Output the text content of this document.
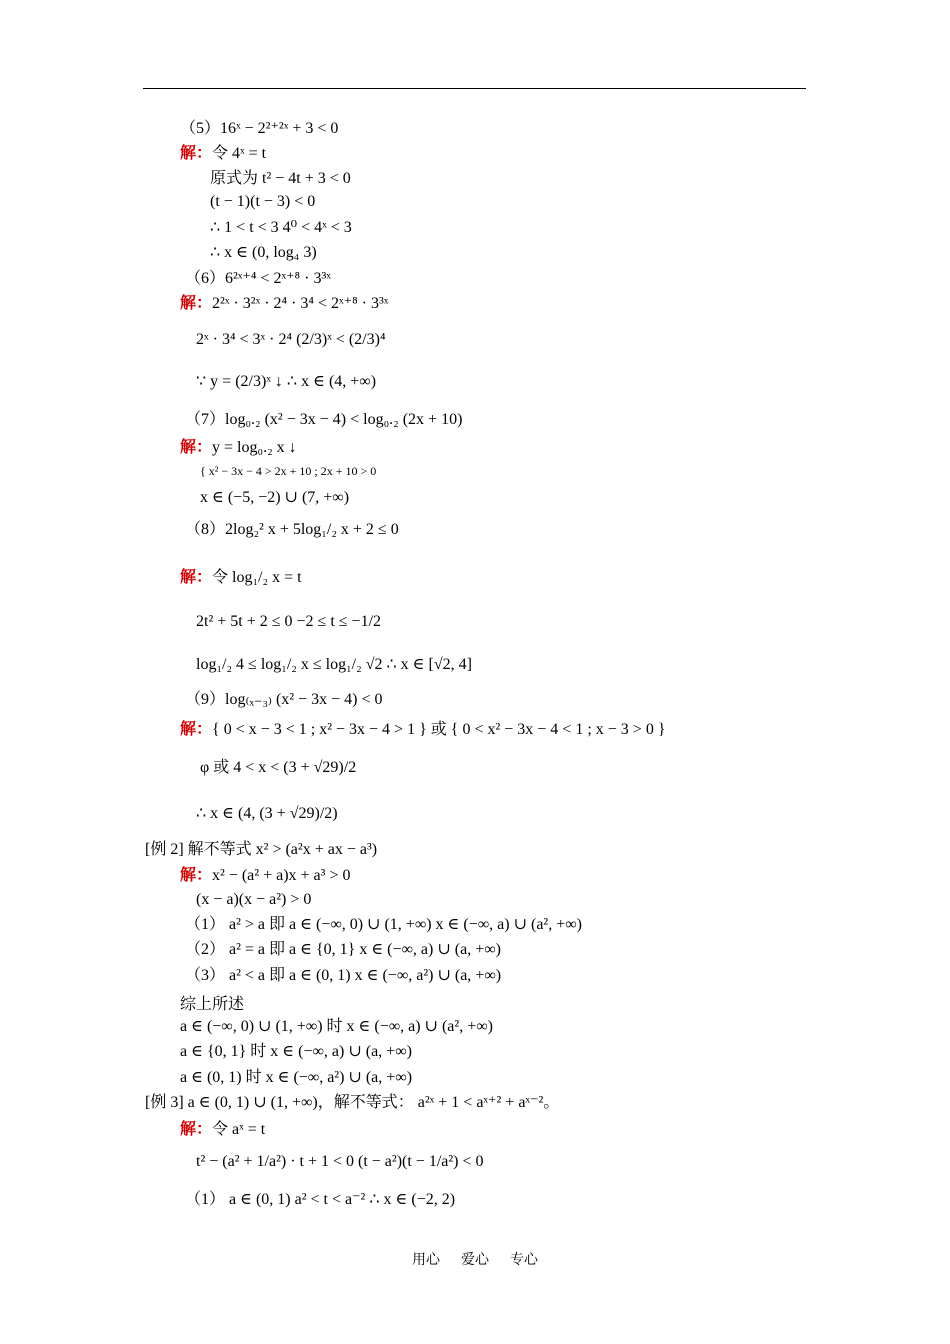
（5）16ˣ − 2²⁺²ˣ + 3 < 0
解：令 4ˣ = t
原式为 t² − 4t + 3 < 0
(t − 1)(t − 3) < 0
∴ 1 < t < 3 4⁰ < 4ˣ < 3
∴ x ∈ (0, log₄ 3)
（6）6²ˣ⁺⁴ < 2ˣ⁺⁸ · 3³ˣ
解：2²ˣ · 3²ˣ · 2⁴ · 3⁴ < 2ˣ⁺⁸ · 3³ˣ
2ˣ · 3⁴ < 3ˣ · 2⁴ (2/3)ˣ < (2/3)⁴
∵ y = (2/3)ˣ ↓ ∴ x ∈ (4, +∞)
（7）log₀.₂ (x² − 3x − 4) < log₀.₂ (2x + 10)
解：y = log₀.₂ x ↓
{ x² − 3x − 4 > 2x + 10 ; 2x + 10 > 0
x ∈ (−5, −2) ∪ (7, +∞)
（8）2log₂² x + 5log₁/₂ x + 2 ≤ 0
解：令 log₁/₂ x = t
2t² + 5t + 2 ≤ 0 −2 ≤ t ≤ −1/2
log₁/₂ 4 ≤ log₁/₂ x ≤ log₁/₂ √2 ∴ x ∈ [√2, 4]
（9）log₍ₓ₋₃₎ (x² − 3x − 4) < 0
解：{ 0 < x − 3 < 1 ; x² − 3x − 4 > 1 } 或 { 0 < x² − 3x − 4 < 1 ; x − 3 > 0 }
φ 或 4 < x < (3 + √29)/2
∴ x ∈ (4, (3 + √29)/2)
[例 2] 解不等式 x² > (a²x + ax − a³)
解：x² − (a² + a)x + a³ > 0
(x − a)(x − a²) > 0
（1） a² > a 即 a ∈ (−∞, 0) ∪ (1, +∞) x ∈ (−∞, a) ∪ (a², +∞)
（2） a² = a 即 a ∈ {0, 1} x ∈ (−∞, a) ∪ (a, +∞)
（3） a² < a 即 a ∈ (0, 1) x ∈ (−∞, a²) ∪ (a, +∞)
综上所述
a ∈ (−∞, 0) ∪ (1, +∞) 时 x ∈ (−∞, a) ∪ (a², +∞)
a ∈ {0, 1} 时 x ∈ (−∞, a) ∪ (a, +∞)
a ∈ (0, 1) 时 x ∈ (−∞, a²) ∪ (a, +∞)
[例 3] a ∈ (0, 1) ∪ (1, +∞)，解不等式： a²ˣ + 1 < aˣ⁺² + aˣ⁻²。
解：令 aˣ = t
t² − (a² + 1/a²) · t + 1 < 0 (t − a²)(t − 1/a²) < 0
（1） a ∈ (0, 1) a² < t < a⁻² ∴ x ∈ (−2, 2)
用心      爱心      专心
